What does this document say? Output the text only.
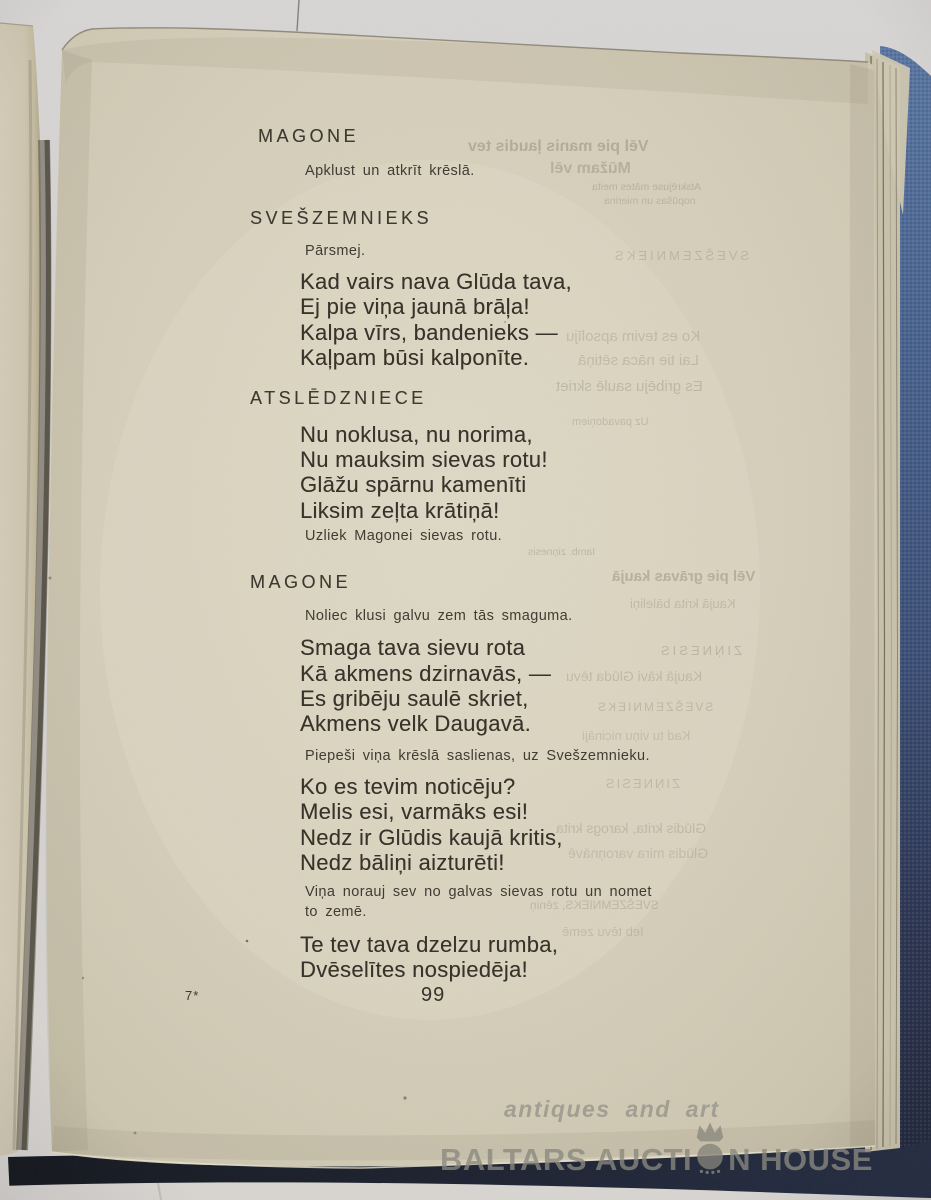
Vēl pie manis ļaudis tev
Mūžam vēl
Atskrējuse mātes meita
nopūšas un mierina
SVEŠZEMNIEKS
Ko es tevim apsolīju
Lai tie nāca sētiņā
Es gribēju saulē skriet
Uz pavadoņiem
Iamb. ziņnesis
Vēl pie grāvas kaujā
Kaujā krita bāleliņi
ZIŅNESIS
Kaujā kāvi Glūda tēvu
SVEŠZEMNIEKS
Kad tu viņu nicināji
ZIŅNESIS
Glūdis krita, karogs krita
Glūdis mira varoņnāvē
SVEŠZEMNIEKS, zēniņ
Ieb tēvu zemē
MAGONE
Apklust un atkrīt krēslā.
SVEŠZEMNIEKS
Pārsmej.
Kad vairs nava Glūda tava,
Ej pie viņa jaunā brāļa!
Kalpa vīrs, bandenieks —
Kaļpam būsi kalponīte.
ATSLĒDZNIECE
Nu noklusa, nu norima,
Nu mauksim sievas rotu!
Glāžu spārnu kamenīti
Liksim zeļta krātiņā!
Uzliek Magonei sievas rotu.
MAGONE
Noliec klusi galvu zem tās smaguma.
Smaga tava sievu rota
Kā akmens dzirnavās, —
Es gribēju saulē skriet,
Akmens velk Daugavā.
Piepeši viņa krēslā saslienas, uz Svešzemnieku.
Ko es tevim noticēju?
Melis esi, varmāks esi!
Nedz ir Glūdis kaujā kritis,
Nedz bāliņi aizturēti!
Viņa norauj sev no galvas sievas rotu un nomet to zemē.
Te tev tava dzelzu rumba,
Dvēselītes nospiedēja!
7*	99
antiques and art
BALTARS AUCTI N HOUSE
